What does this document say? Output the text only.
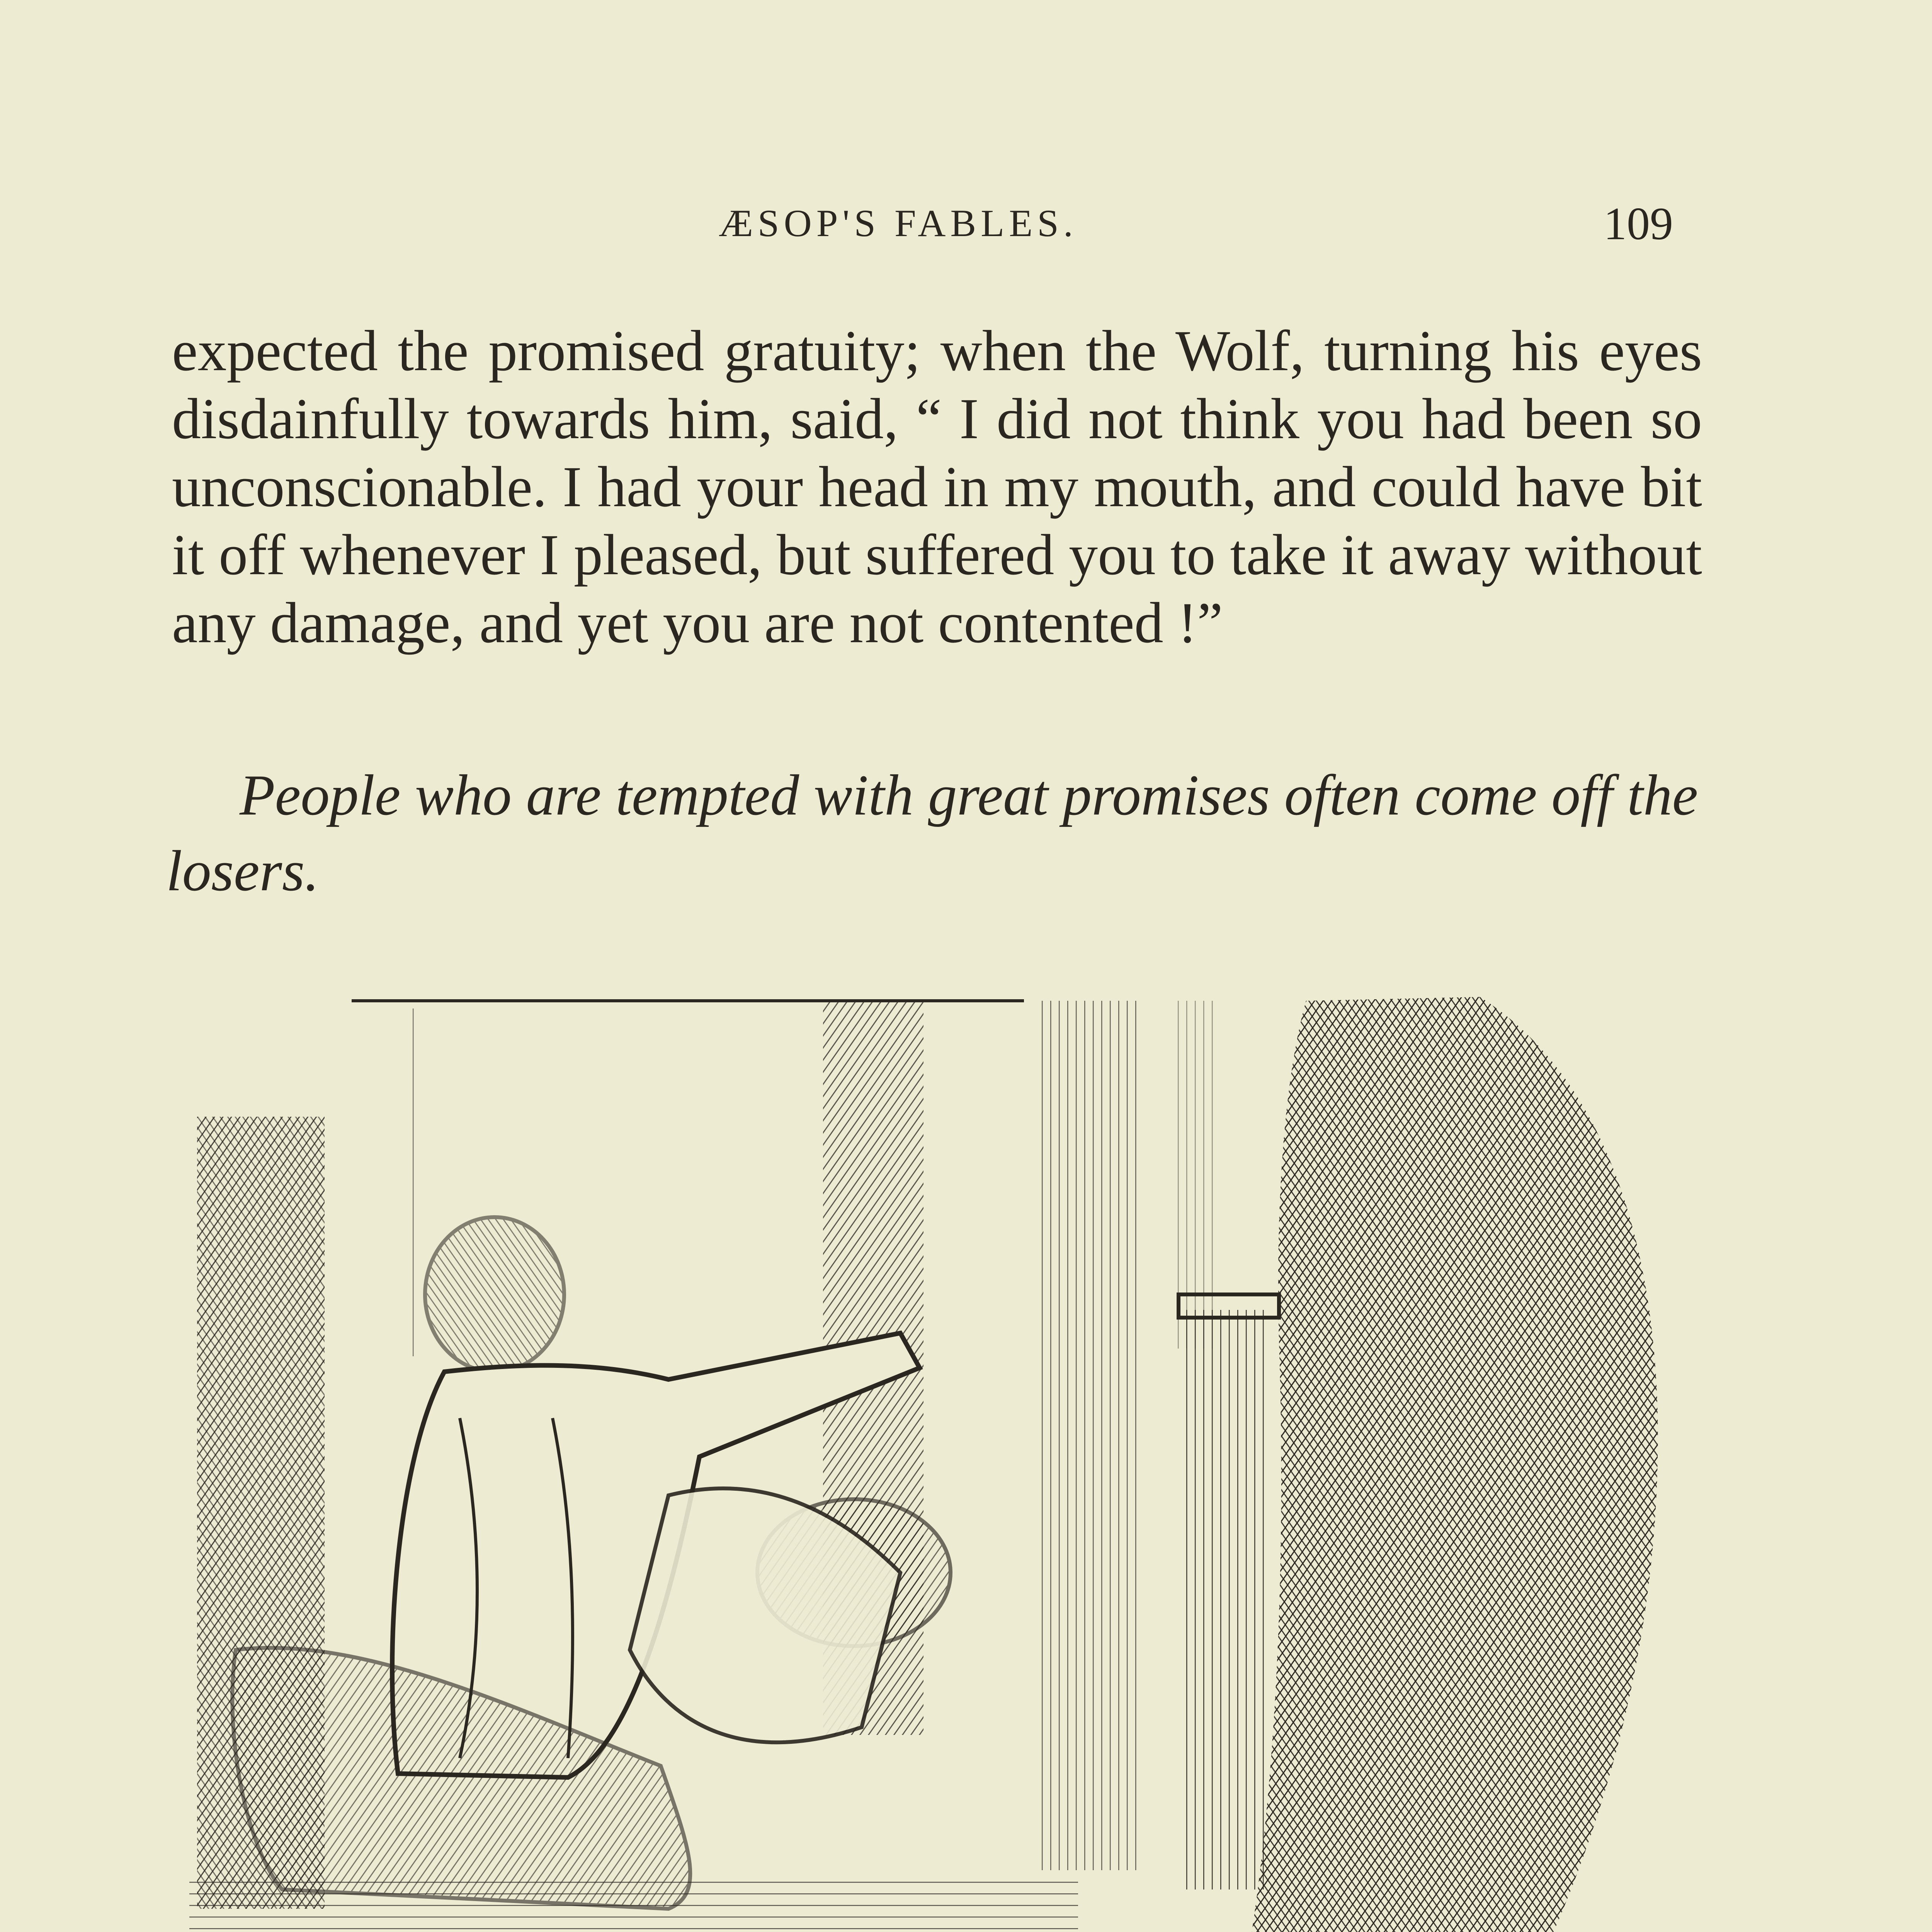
ÆSOP'S FABLES.	109
expected the promised gratuity; when the Wolf, turning his eyes disdainfully towards him, said, “ I did not think you had been so unconscionable. I had your head in my mouth, and could have bit it off whenever I pleased, but suffered you to take it away without any damage, and yet you are not contented !”
People who are tempted with great promises often come off the losers.
